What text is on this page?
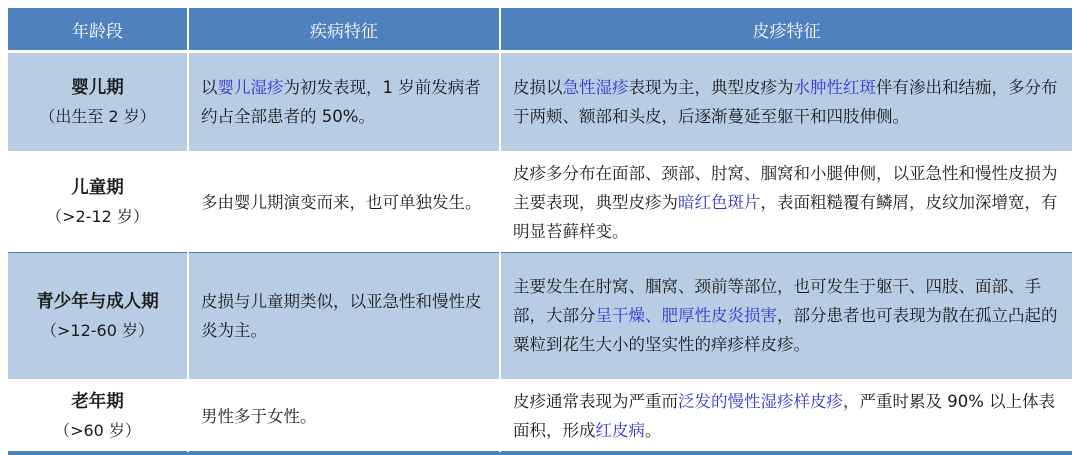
年龄段	疾病特征	皮疹特征

婴儿期
（出生至 2 岁）	以婴儿湿疹为初发表现，1 岁前发病者约占全部患者的 50%。	皮损以急性湿疹表现为主，典型皮疹为水肿性红斑伴有渗出和结痂，多分布于两颊、额部和头皮，后逐渐蔓延至躯干和四肢伸侧。

儿童期
（>2-12 岁）	多由婴儿期演变而来，也可单独发生。	皮疹多分布在面部、颈部、肘窝、腘窝和小腿伸侧，以亚急性和慢性皮损为主要表现，典型皮疹为暗红色斑片，表面粗糙覆有鳞屑，皮纹加深增宽，有明显苔藓样变。

青少年与成人期
（>12-60 岁）	皮损与儿童期类似，以亚急性和慢性皮炎为主。	主要发生在肘窝、腘窝、颈前等部位，也可发生于躯干、四肢、面部、手部，大部分呈干燥、肥厚性皮炎损害，部分患者也可表现为散在孤立凸起的粟粒到花生大小的坚实性的痒疹样皮疹。

老年期
（>60 岁）	男性多于女性。	皮疹通常表现为严重而泛发的慢性湿疹样皮疹，严重时累及 90% 以上体表面积，形成红皮病。
